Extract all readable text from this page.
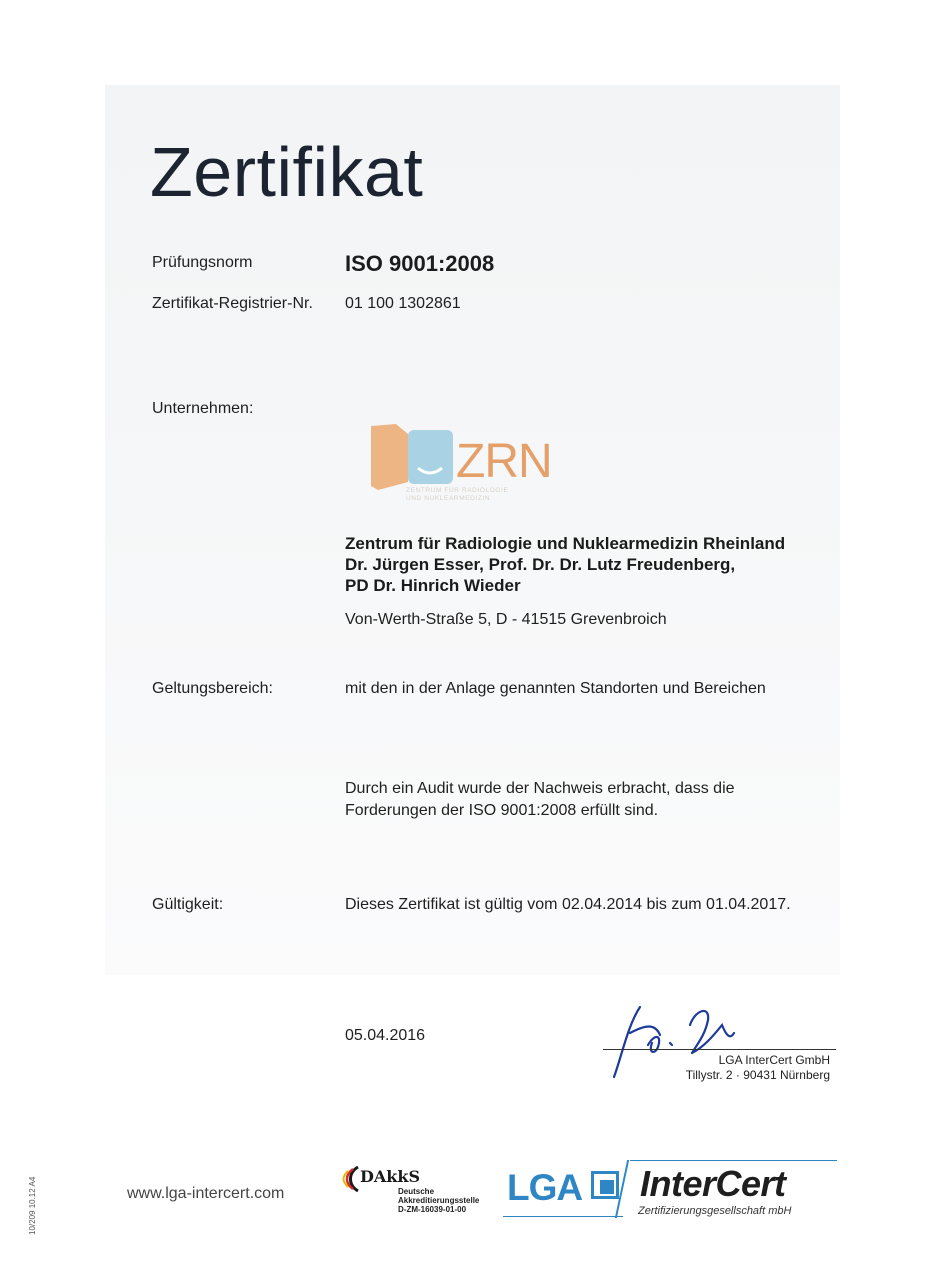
Zertifikat
Prüfungsnorm	ISO 9001:2008
Zertifikat-Registrier-Nr. 01 100 1302861
Unternehmen:
ZRN
ZENTRUM FÜR RADIOLOGIE
UND NUKLEARMEDIZIN
Zentrum für Radiologie und Nuklearmedizin Rheinland
Dr. Jürgen Esser, Prof. Dr. Dr. Lutz Freudenberg,
PD Dr. Hinrich Wieder
Von-Werth-Straße 5, D - 41515 Grevenbroich
Geltungsbereich:	mit den in der Anlage genannten Standorten und Bereichen
Durch ein Audit wurde der Nachweis erbracht, dass die
Forderungen der ISO 9001:2008 erfüllt sind.
Gültigkeit:	Dieses Zertifikat ist gültig vom 02.04.2014 bis zum 01.04.2017.
05.04.2016
LGA InterCert GmbH
Tillystr. 2 · 90431 Nürnberg
www.lga-intercert.com
10/209 10.12 A4
DAkkS
Deutsche
Akkreditierungsstelle
D-ZM-16039-01-00
LGA InterCert
Zertifizierungsgesellschaft mbH
